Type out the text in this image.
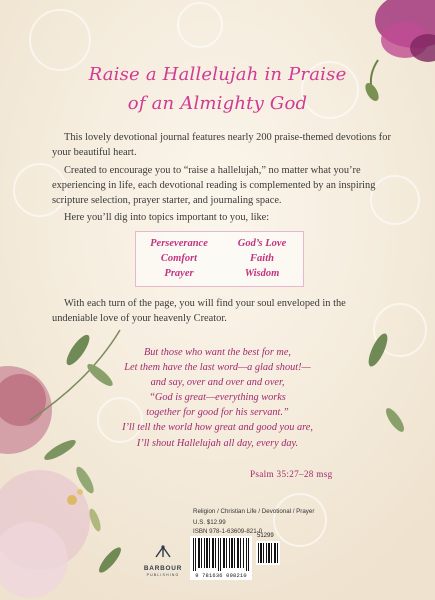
Raise a Hallelujah in Praise
of an Almighty God
This lovely devotional journal features nearly 200 praise-themed devotions for your beautiful heart.
Created to encourage you to “raise a hallelujah,” no matter what you’re experiencing in life, each devotional reading is complemented by an inspiring scripture selection, prayer starter, and journaling space.
Here you’ll dig into topics important to you, like:
Perseverance	God’s Love
Comfort	Faith
Prayer	Wisdom
With each turn of the page, you will find your soul enveloped in the undeniable love of your heavenly Creator.
But those who want the best for me,
Let them have the last word—a glad shout!—
and say, over and over and over,
“God is great—everything works
together for good for his servant.”
I’ll tell the world how great and good you are,
I’ll shout Hallelujah all day, every day.
Psalm 35:27–28 msg
Religion / Christian Life / Devotional / Prayer
U.S. $12.99
ISBN 978-1-63609-821-0
BARBOUR
PUBLISHING	9 781636 098210
51299
